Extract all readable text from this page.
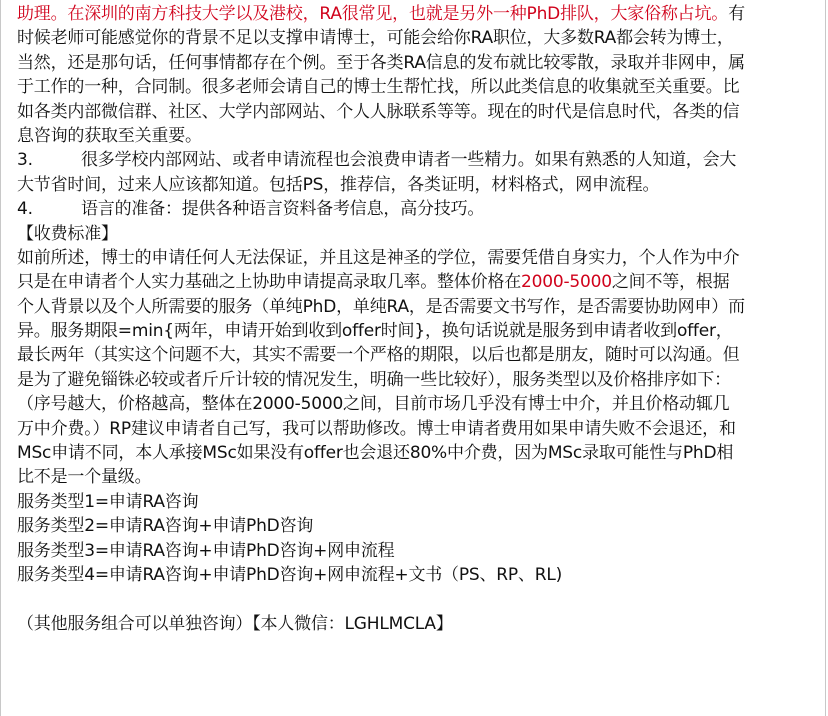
助理。在深圳的南方科技大学以及港校，RA很常见，也就是另外一种PhD排队，大家俗称占坑。有
时候老师可能感觉你的背景不足以支撑申请博士，可能会给你RA职位，大多数RA都会转为博士，
当然，还是那句话，任何事情都存在个例。至于各类RA信息的发布就比较零散，录取并非网申，属
于工作的一种，合同制。很多老师会请自己的博士生帮忙找，所以此类信息的收集就至关重要。比
如各类内部微信群、社区、大学内部网站、个人人脉联系等等。现在的时代是信息时代，各类的信
息咨询的获取至关重要。
3.	很多学校内部网站、或者申请流程也会浪费申请者一些精力。如果有熟悉的人知道，会大
大节省时间，过来人应该都知道。包括PS，推荐信，各类证明，材料格式，网申流程。
4.	语言的准备：提供各种语言资料备考信息，高分技巧。
【收费标准】
如前所述，博士的申请任何人无法保证，并且这是神圣的学位，需要凭借自身实力，个人作为中介
只是在申请者个人实力基础之上协助申请提高录取几率。整体价格在2000-5000之间不等，根据
个人背景以及个人所需要的服务（单纯PhD，单纯RA，是否需要文书写作，是否需要协助网申）而
异。服务期限=min{两年，申请开始到收到offer时间}，换句话说就是服务到申请者收到offer，
最长两年（其实这个问题不大，其实不需要一个严格的期限，以后也都是朋友，随时可以沟通。但
是为了避免锱铢必较或者斤斤计较的情况发生，明确一些比较好），服务类型以及价格排序如下：
（序号越大，价格越高，整体在2000-5000之间，目前市场几乎没有博士中介，并且价格动辄几
万中介费。）RP建议申请者自己写，我可以帮助修改。博士申请者费用如果申请失败不会退还，和
MSc申请不同，本人承接MSc如果没有offer也会退还80%中介费，因为MSc录取可能性与PhD相
比不是一个量级。
服务类型1=申请RA咨询
服务类型2=申请RA咨询+申请PhD咨询
服务类型3=申请RA咨询+申请PhD咨询+网申流程
服务类型4=申请RA咨询+申请PhD咨询+网申流程+文书（PS、RP、RL)
（其他服务组合可以单独咨询）【本人微信：LGHLMCLA】
